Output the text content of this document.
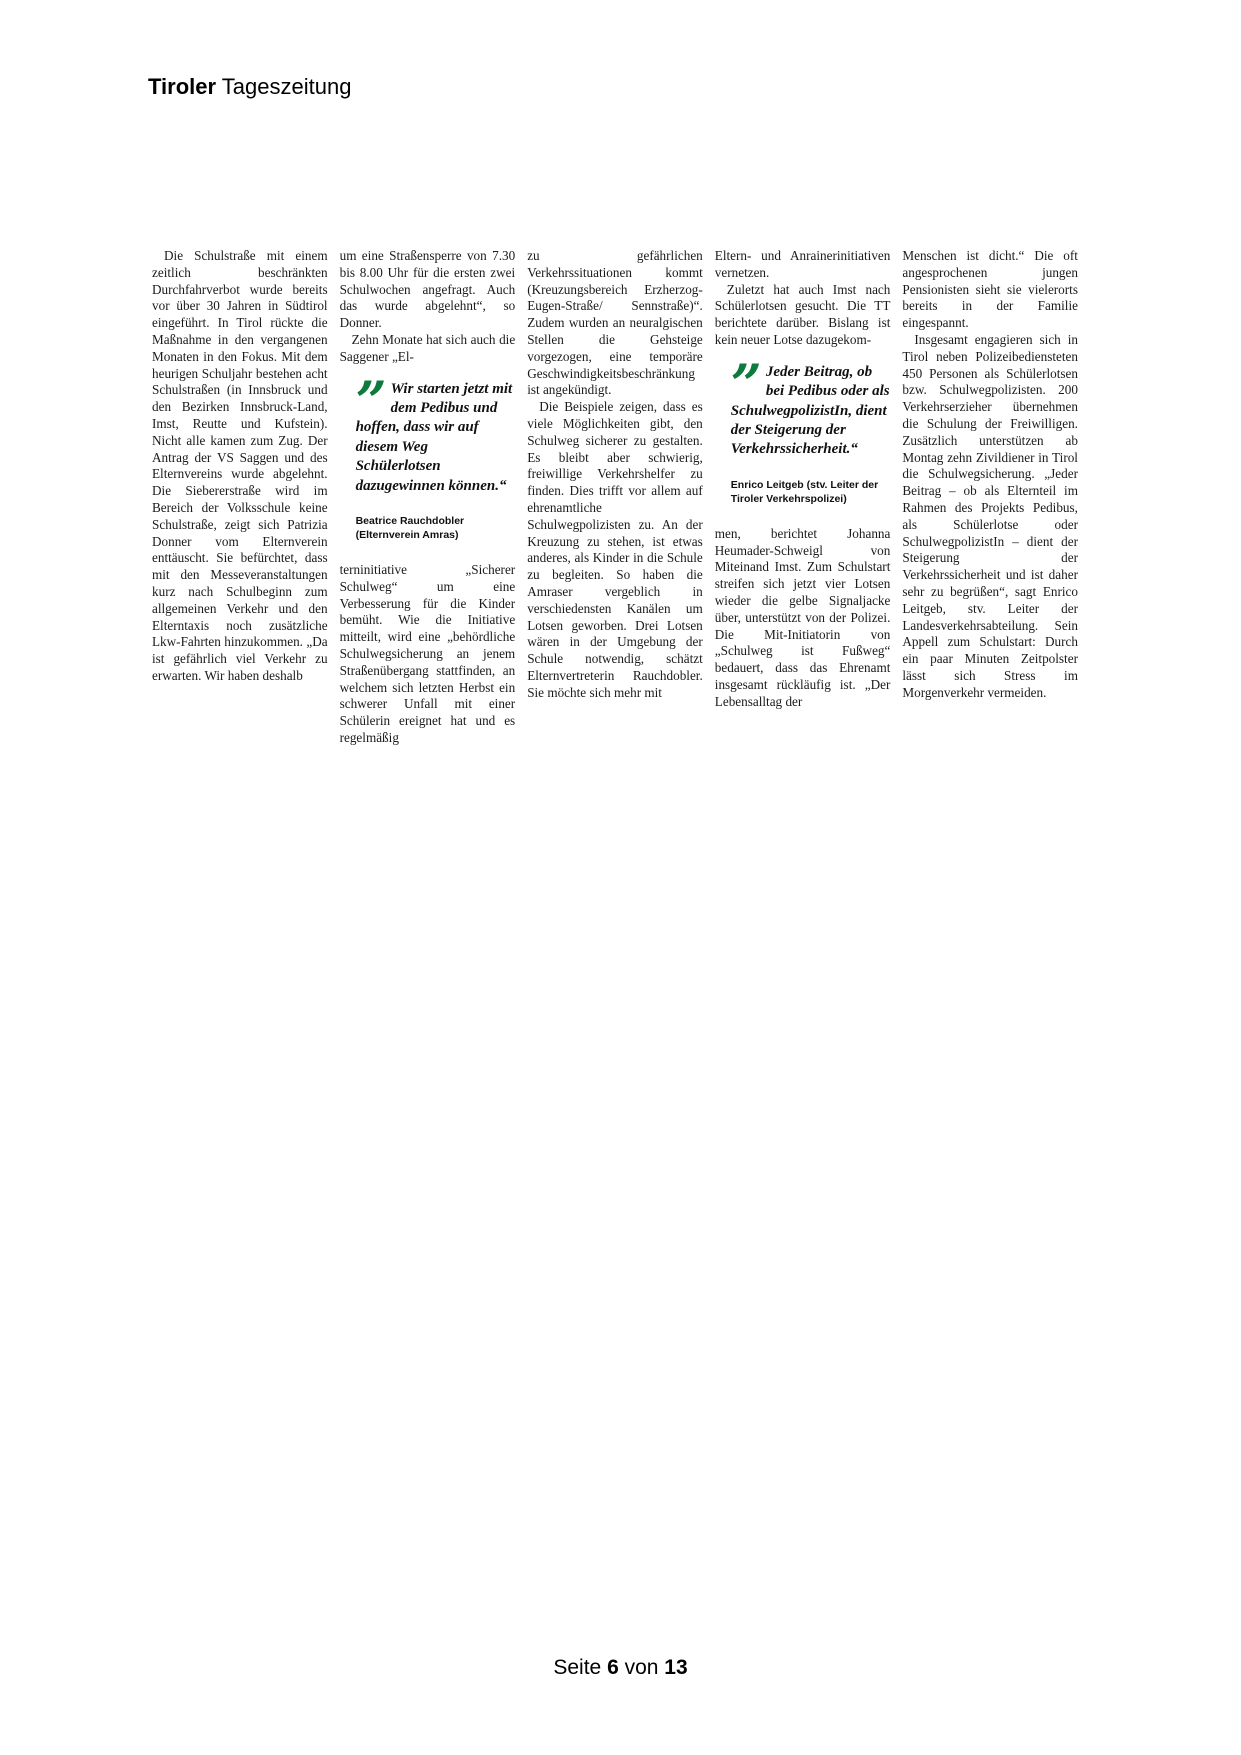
Tiroler Tageszeitung

Die Schulstraße mit einem zeitlich beschränkten Durchfahrverbot wurde bereits vor über 30 Jahren in Südtirol eingeführt. In Tirol rückte die Maßnahme in den vergangenen Monaten in den Fokus. Mit dem heurigen Schuljahr bestehen acht Schulstraßen (in Innsbruck und den Bezirken Innsbruck-Land, Imst, Reutte und Kufstein). Nicht alle kamen zum Zug. Der Antrag der VS Saggen und des Elternvereins wurde abgelehnt. Die Siebererstraße wird im Bereich der Volksschule keine Schulstraße, zeigt sich Patrizia Donner vom Elternverein enttäuscht. Sie befürchtet, dass mit den Messeveranstaltungen kurz nach Schulbeginn zum allgemeinen Verkehr und den Elterntaxis noch zusätzliche Lkw-Fahrten hinzukommen. „Da ist gefährlich viel Verkehr zu erwarten. Wir haben deshalb

um eine Straßensperre von 7.30 bis 8.00 Uhr für die ersten zwei Schulwochen angefragt. Auch das wurde abgelehnt“, so Donner.

Zehn Monate hat sich auch die Saggener „El-

” Wir starten jetzt mit dem Pedibus und hoffen, dass wir auf diesem Weg Schülerlotsen dazugewinnen können.“
Beatrice Rauchdobler (Elternverein Amras)

terninitiative „Sicherer Schulweg“ um eine Verbesserung für die Kinder bemüht. Wie die Initiative mitteilt, wird eine „behördliche Schulwegsicherung an jenem Straßenübergang stattfinden, an welchem sich letzten Herbst ein schwerer Unfall mit einer Schülerin ereignet hat und es regelmäßig

zu gefährlichen Verkehrssituationen kommt (Kreuzungsbereich Erzherzog-Eugen-Straße/ Sennstraße)“. Zudem wurden an neuralgischen Stellen die Gehsteige vorgezogen, eine temporäre Geschwindigkeitsbeschränkung ist angekündigt.

Die Beispiele zeigen, dass es viele Möglichkeiten gibt, den Schulweg sicherer zu gestalten. Es bleibt aber schwierig, freiwillige Verkehrshelfer zu finden. Dies trifft vor allem auf ehrenamtliche Schulwegpolizisten zu. An der Kreuzung zu stehen, ist etwas anderes, als Kinder in die Schule zu begleiten. So haben die Amraser vergeblich in verschiedensten Kanälen um Lotsen geworben. Drei Lotsen wären in der Umgebung der Schule notwendig, schätzt Elternvertreterin Rauchdobler. Sie möchte sich mehr mit

Eltern- und Anrainerinitiativen vernetzen.

Zuletzt hat auch Imst nach Schülerlotsen gesucht. Die TT berichtete darüber. Bislang ist kein neuer Lotse dazugekom-

” Jeder Beitrag, ob bei Pedibus oder als SchulwegpolizistIn, dient der Steigerung der Verkehrssicherheit.“
Enrico Leitgeb (stv. Leiter der Tiroler Verkehrspolizei)

men, berichtet Johanna Heumader-Schweigl von Miteinand Imst. Zum Schulstart streifen sich jetzt vier Lotsen wieder die gelbe Signaljacke über, unterstützt von der Polizei. Die Mit-Initiatorin von „Schulweg ist Fußweg“ bedauert, dass das Ehrenamt insgesamt rückläufig ist. „Der Lebensalltag der

Menschen ist dicht.“ Die oft angesprochenen jungen Pensionisten sieht sie vielerorts bereits in der Familie eingespannt.

Insgesamt engagieren sich in Tirol neben Polizeibediensteten 450 Personen als Schülerlotsen bzw. Schulwegpolizisten. 200 Verkehrserzieher übernehmen die Schulung der Freiwilligen. Zusätzlich unterstützen ab Montag zehn Zivildiener in Tirol die Schulwegsicherung. „Jeder Beitrag – ob als Elternteil im Rahmen des Projekts Pedibus, als Schülerlotse oder SchulwegpolizistIn – dient der Steigerung der Verkehrssicherheit und ist daher sehr zu begrüßen“, sagt Enrico Leitgeb, stv. Leiter der Landesverkehrsabteilung. Sein Appell zum Schulstart: Durch ein paar Minuten Zeitpolster lässt sich Stress im Morgenverkehr vermeiden.

Seite 6 von 13
